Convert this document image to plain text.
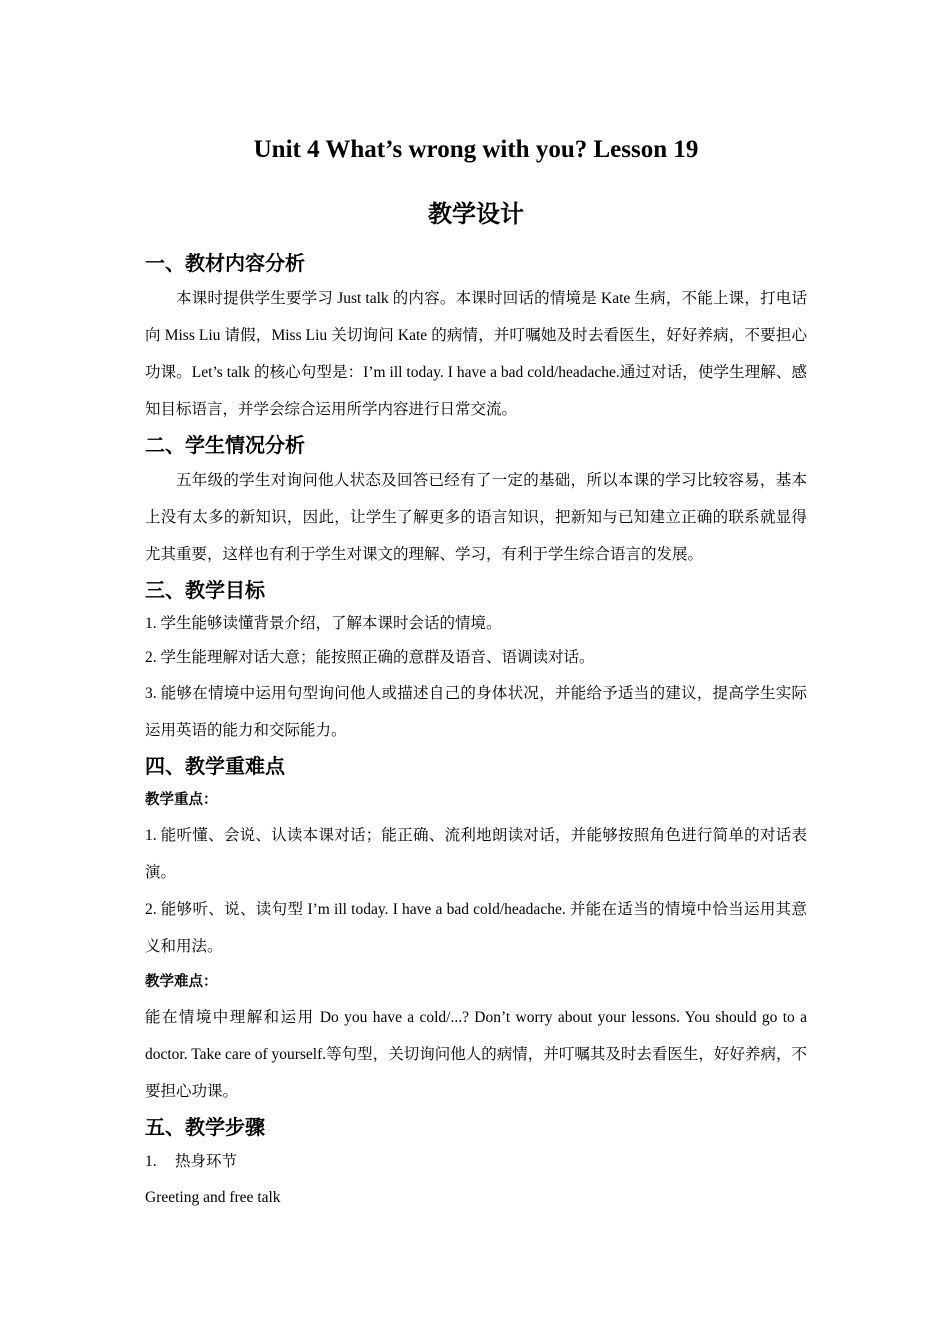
Unit 4 What’s wrong with you? Lesson 19
教学设计
一、教材内容分析

本课时提供学生要学习 Just talk 的内容。本课时回话的情境是 Kate 生病，不能上课，打电话向 Miss Liu 请假，Miss Liu 关切询问 Kate 的病情，并叮嘱她及时去看医生，好好养病，不要担心功课。Let’s talk 的核心句型是：I’m ill today. I have a bad cold/headache.通过对话，使学生理解、感知目标语言，并学会综合运用所学内容进行日常交流。

二、学生情况分析

五年级的学生对询问他人状态及回答已经有了一定的基础，所以本课的学习比较容易，基本上没有太多的新知识，因此，让学生了解更多的语言知识，把新知与已知建立正确的联系就显得尤其重要，这样也有利于学生对课文的理解、学习，有利于学生综合语言的发展。

三、教学目标

1. 学生能够读懂背景介绍，了解本课时会话的情境。

2. 学生能理解对话大意；能按照正确的意群及语音、语调读对话。

3. 能够在情境中运用句型询问他人或描述自己的身体状况，并能给予适当的建议，提高学生实际运用英语的能力和交际能力。

四、教学重难点

教学重点：

1. 能听懂、会说、认读本课对话；能正确、流利地朗读对话，并能够按照角色进行简单的对话表演。

2. 能够听、说、读句型 I’m ill today. I have a bad cold/headache. 并能在适当的情境中恰当运用其意义和用法。

教学难点：

能在情境中理解和运用 Do you have a cold/...? Don’t worry about your lessons. You should go to a doctor. Take care of yourself.等句型，关切询问他人的病情，并叮嘱其及时去看医生，好好养病，不要担心功课。

五、教学步骤

1. 热身环节

Greeting and free talk
